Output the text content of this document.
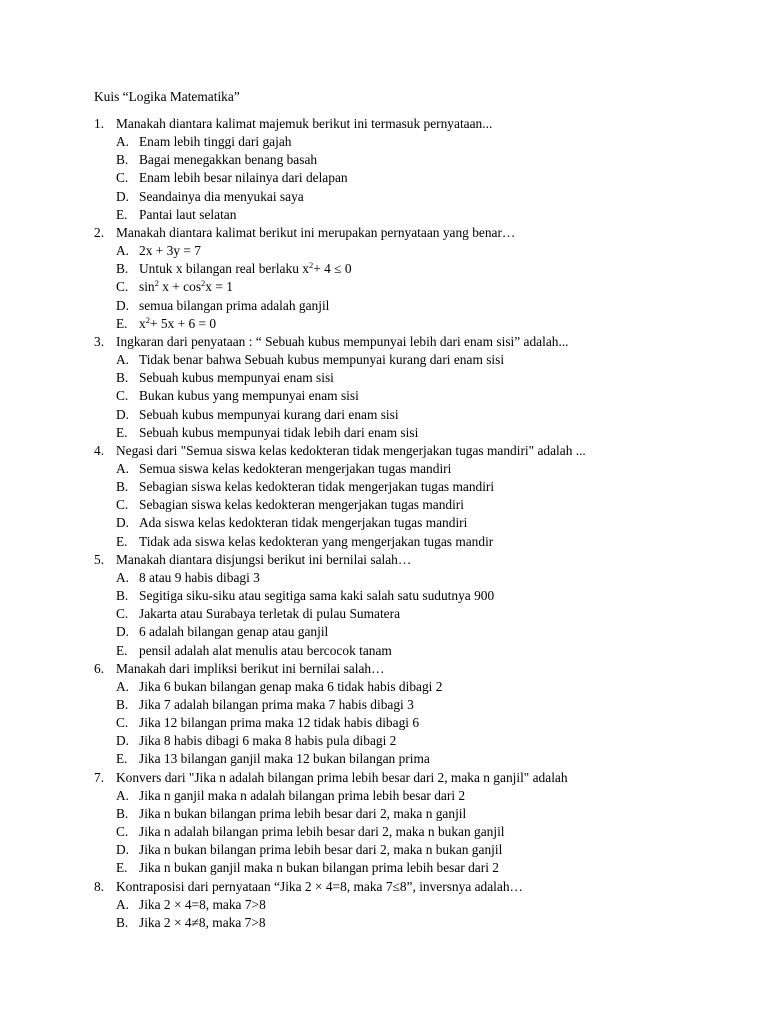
Kuis “Logika Matematika”
1. Manakah diantara kalimat majemuk berikut ini termasuk pernyataan...
A. Enam lebih tinggi dari gajah
B. Bagai menegakkan benang basah
C. Enam lebih besar nilainya dari delapan
D. Seandainya dia menyukai saya
E. Pantai laut selatan
2. Manakah diantara kalimat berikut ini merupakan pernyataan yang benar…
A. 2x + 3y = 7
B. Untuk x bilangan real berlaku $x^2+ 4 \le 0$
C. $\sin^2 x + \cos^2x = 1$
D. semua bilangan prima adalah ganjil
E. $x^2+ 5x + 6 = 0$
3. Ingkaran dari penyataan : “ Sebuah kubus mempunyai lebih dari enam sisi” adalah...
A. Tidak benar bahwa Sebuah kubus mempunyai kurang dari enam sisi
B. Sebuah kubus mempunyai enam sisi
C. Bukan kubus yang mempunyai enam sisi
D. Sebuah kubus mempunyai kurang dari enam sisi
E. Sebuah kubus mempunyai tidak lebih dari enam sisi
4. Negasi dari "Semua siswa kelas kedokteran tidak mengerjakan tugas mandiri" adalah ...
A. Semua siswa kelas kedokteran mengerjakan tugas mandiri
B. Sebagian siswa kelas kedokteran tidak mengerjakan tugas mandiri
C. Sebagian siswa kelas kedokteran mengerjakan tugas mandiri
D. Ada siswa kelas kedokteran tidak mengerjakan tugas mandiri
E. Tidak ada siswa kelas kedokteran yang mengerjakan tugas mandir
5. Manakah diantara disjungsi berikut ini bernilai salah…
A. 8 atau 9 habis dibagi 3
B. Segitiga siku-siku atau segitiga sama kaki salah satu sudutnya 900
C. Jakarta atau Surabaya terletak di pulau Sumatera
D. 6 adalah bilangan genap atau ganjil
E. pensil adalah alat menulis atau bercocok tanam
6. Manakah dari impliksi berikut ini bernilai salah…
A. Jika 6 bukan bilangan genap maka 6 tidak habis dibagi 2
B. Jika 7 adalah bilangan prima maka 7 habis dibagi 3
C. Jika 12 bilangan prima maka 12 tidak habis dibagi 6
D. Jika 8 habis dibagi 6 maka 8 habis pula dibagi 2
E. Jika 13 bilangan ganjil maka 12 bukan bilangan prima
7. Konvers dari "Jika n adalah bilangan prima lebih besar dari 2, maka n ganjil" adalah
A. Jika n ganjil maka n adalah bilangan prima lebih besar dari 2
B. Jika n bukan bilangan prima lebih besar dari 2, maka n ganjil
C. Jika n adalah bilangan prima lebih besar dari 2, maka n bukan ganjil
D. Jika n bukan bilangan prima lebih besar dari 2, maka n bukan ganjil
E. Jika n bukan ganjil maka n bukan bilangan prima lebih besar dari 2
8. Kontraposisi dari pernyataan “Jika 2 × 4=8, maka 7≤8”, inversnya adalah…
A. Jika 2 × 4=8, maka 7>8
B. Jika 2 × 4≠8, maka 7>8
